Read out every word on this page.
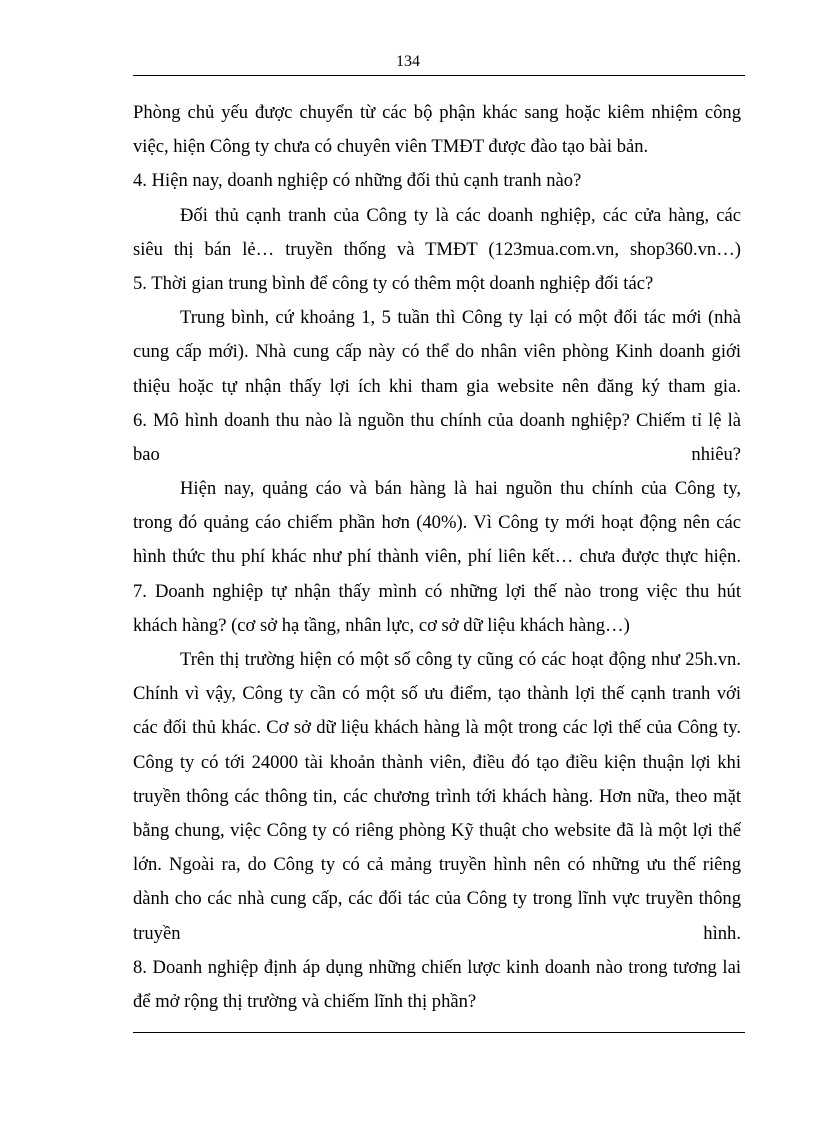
134
Phòng chủ yếu được chuyển từ các bộ phận khác sang hoặc kiêm nhiệm công
việc, hiện Công ty chưa có chuyên viên TMĐT được đào tạo bài bản.
4. Hiện nay, doanh nghiệp có những đối thủ cạnh tranh nào?
Đối thủ cạnh tranh của Công ty là các doanh nghiệp, các cửa hàng, các
siêu thị bán lẻ… truyền thống và TMĐT (123mua.com.vn, shop360.vn…)
5. Thời gian trung bình để công ty có thêm một doanh nghiệp đối tác?
Trung bình, cứ khoảng 1, 5 tuần thì Công ty lại có một đối tác mới (nhà
cung cấp mới). Nhà cung cấp này có thể do nhân viên phòng Kinh doanh giới
thiệu hoặc tự nhận thấy lợi ích khi tham gia website nên đăng ký tham gia.
6. Mô hình doanh thu nào là nguồn thu chính của doanh nghiệp? Chiếm tỉ lệ là
bao nhiêu?
Hiện nay, quảng cáo và bán hàng là hai nguồn thu chính của Công ty,
trong đó quảng cáo chiếm phần hơn (40%). Vì Công ty mới hoạt động nên các
hình thức thu phí khác như phí thành viên, phí liên kết… chưa được thực hiện.
7. Doanh nghiệp tự nhận thấy mình có những lợi thế nào trong việc thu hút
khách hàng? (cơ sở hạ tầng, nhân lực, cơ sở dữ liệu khách hàng…)
Trên thị trường hiện có một số công ty cũng có các hoạt động như 25h.vn.
Chính vì vậy, Công ty cần có một số ưu điểm, tạo thành lợi thế cạnh tranh với
các đối thủ khác. Cơ sở dữ liệu khách hàng là một trong các lợi thế của Công ty.
Công ty có tới 24000 tài khoản thành viên, điều đó tạo điều kiện thuận lợi khi
truyền thông các thông tin, các chương trình tới khách hàng. Hơn nữa, theo mặt
bằng chung, việc Công ty có riêng phòng Kỹ thuật cho website đã là một lợi thế
lớn. Ngoài ra, do Công ty có cả mảng truyền hình nên có những ưu thế riêng
dành cho các nhà cung cấp, các đối tác của Công ty trong lĩnh vực truyền thông
truyền hình.
8. Doanh nghiệp định áp dụng những chiến lược kinh doanh nào trong tương lai
để mở rộng thị trường và chiếm lĩnh thị phần?
